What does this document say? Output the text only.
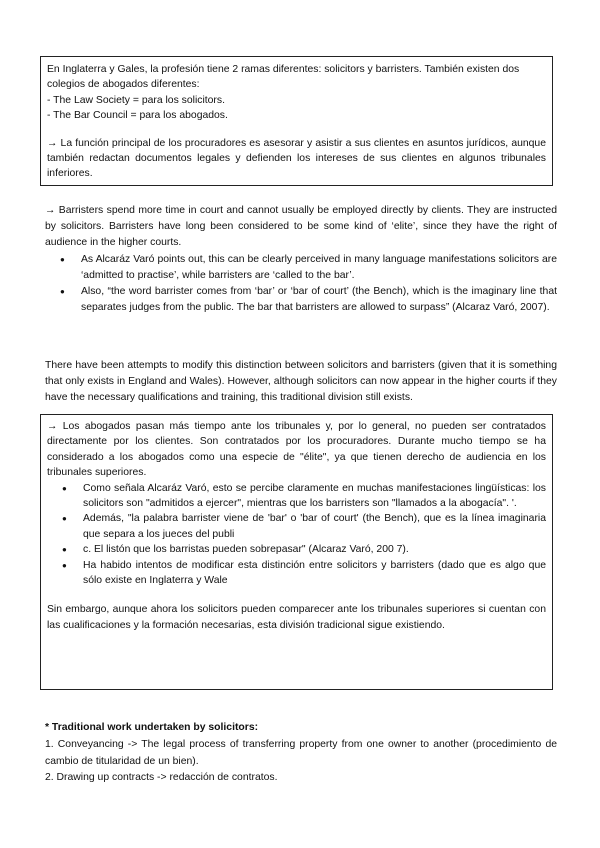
En Inglaterra y Gales, la profesión tiene 2 ramas diferentes: solicitors y barristers. También existen dos colegios de abogados diferentes:

- The Law Society = para los solicitors.

- The Bar Council = para los abogados.

→ La función principal de los procuradores es asesorar y asistir a sus clientes en asuntos jurídicos, aunque también redactan documentos legales y defienden los intereses de sus clientes en algunos tribunales inferiores.

→ Barristers spend more time in court and cannot usually be employed directly by clients. They are instructed by solicitors. Barristers have long been considered to be some kind of ‘elite’, since they have the right of audience in the higher courts.

● As Alcaráz Varó points out, this can be clearly perceived in many language manifestations solicitors are ‘admitted to practise’, while barristers are ‘called to the bar’.
● Also, “the word barrister comes from ‘bar’ or ‘bar of court’ (the Bench), which is the imaginary line that separates judges from the public. The bar that barristers are allowed to surpass” (Alcaraz Varó, 2007).

There have been attempts to modify this distinction between solicitors and barristers (given that it is something that only exists in England and Wales). However, although solicitors can now appear in the higher courts if they have the necessary qualifications and training, this traditional division still exists.

→ Los abogados pasan más tiempo ante los tribunales y, por lo general, no pueden ser contratados directamente por los clientes. Son contratados por los procuradores. Durante mucho tiempo se ha considerado a los abogados como una especie de "élite", ya que tienen derecho de audiencia en los tribunales superiores.

● Como señala Alcaráz Varó, esto se percibe claramente en muchas manifestaciones lingüísticas: los solicitors son "admitidos a ejercer", mientras que los barristers son "llamados a la abogacía". '.
● Además, "la palabra barrister viene de 'bar' o 'bar of court' (the Bench), que es la línea imaginaria que separa a los jueces del publi
● c. El listón que los barristas pueden sobrepasar" (Alcaraz Varó, 200 7).
● Ha habido intentos de modificar esta distinción entre solicitors y barristers (dado que es algo que sólo existe en Inglaterra y Wale

Sin embargo, aunque ahora los solicitors pueden comparecer ante los tribunales superiores si cuentan con las cualificaciones y la formación necesarias, esta división tradicional sigue existiendo.

* Traditional work undertaken by solicitors:

1. Conveyancing -> The legal process of transferring property from one owner to another (procedimiento de cambio de titularidad de un bien).

2. Drawing up contracts -> redacción de contratos.
